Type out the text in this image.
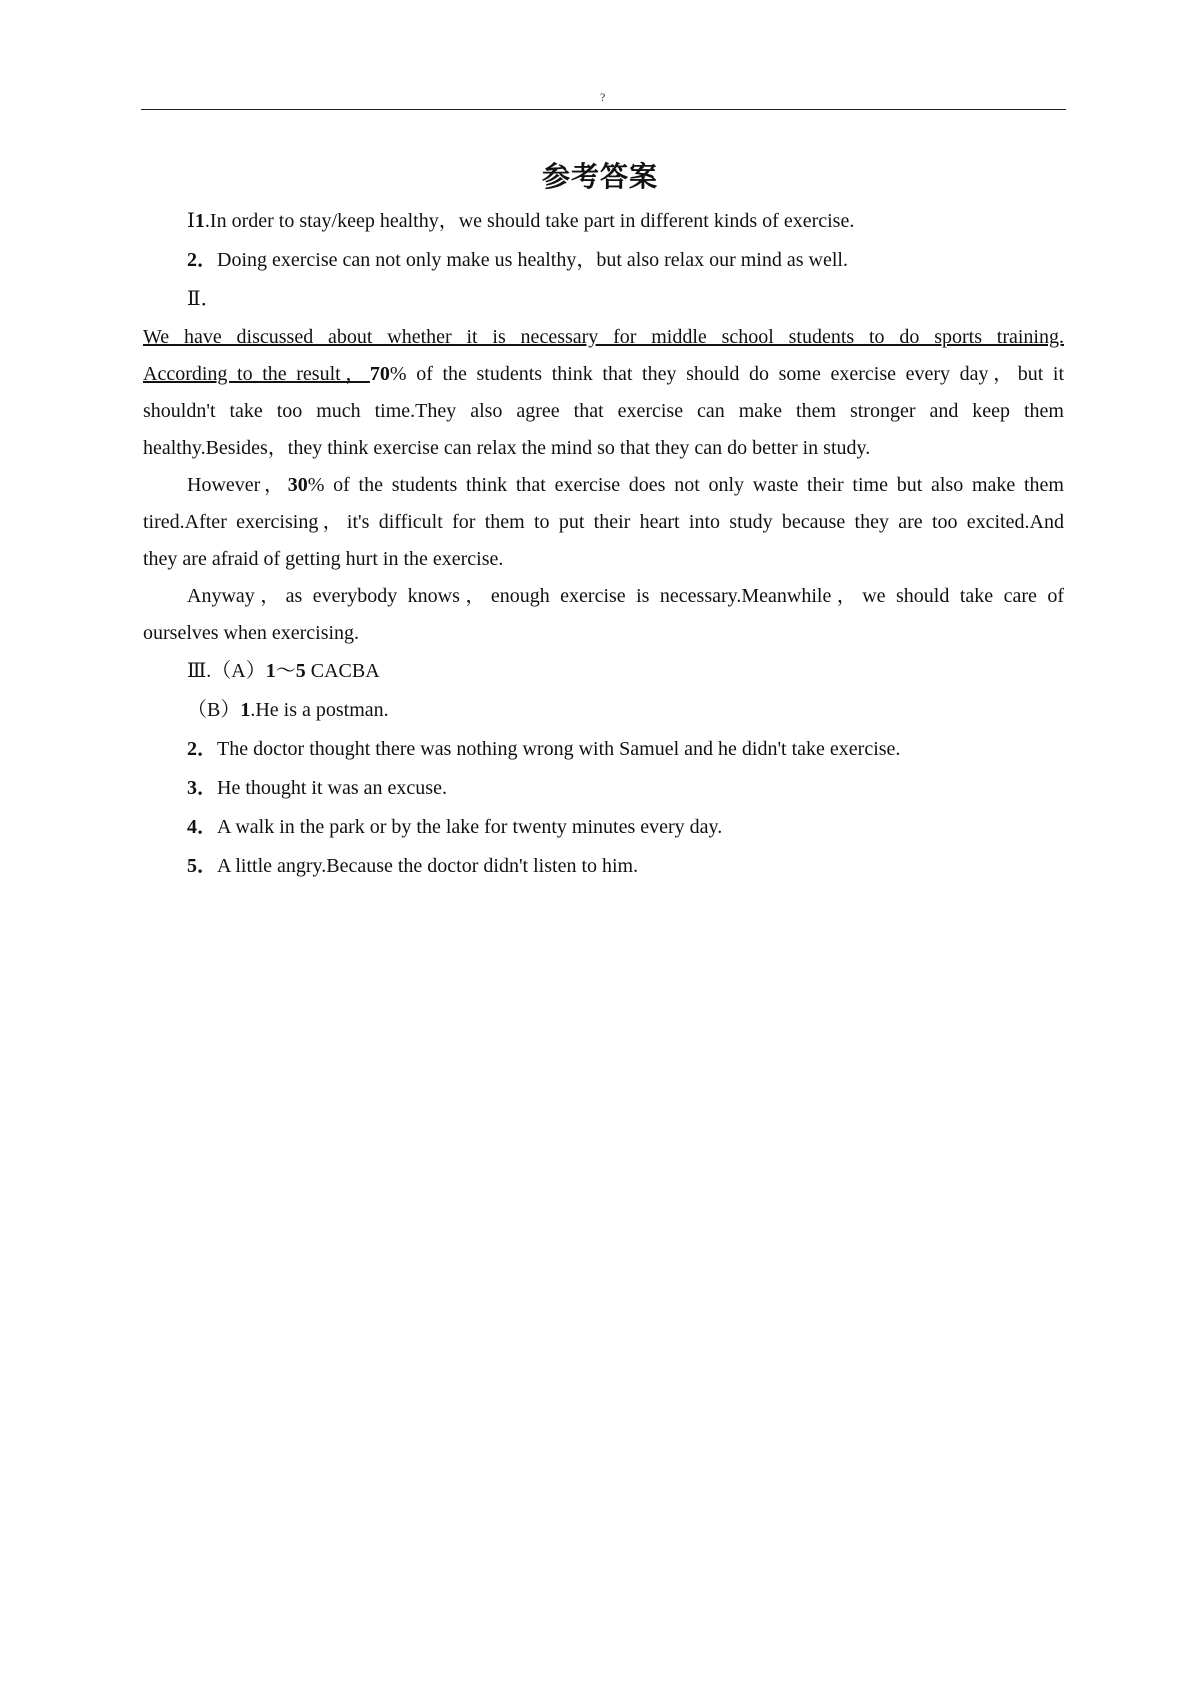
?
参考答案
Ⅰ1.In order to stay/keep healthy，we should take part in different kinds of exercise.
2．Doing exercise can not only make us healthy，but also relax our mind as well.
Ⅱ．
We have discussed about whether it is necessary for middle school students to do sports training.
According to the result，70% of the students think that they should do some exercise every day，but it
shouldn't take too much time.They also agree that exercise can make them stronger and keep them
healthy.Besides，they think exercise can relax the mind so that they can do better in study.
However，30% of the students think that exercise does not only waste their time but also make them
tired.After exercising，it's difficult for them to put their heart into study because they are too excited.And
they are afraid of getting hurt in the exercise.
Anyway，as everybody knows，enough exercise is necessary.Meanwhile，we should take care of
ourselves when exercising.
Ⅲ.（A）1～5 CACBA
（B）1.He is a postman.
2．The doctor thought there was nothing wrong with Samuel and he didn't take exercise.
3．He thought it was an excuse.
4．A walk in the park or by the lake for twenty minutes every day.
5．A little angry.Because the doctor didn't listen to him.
